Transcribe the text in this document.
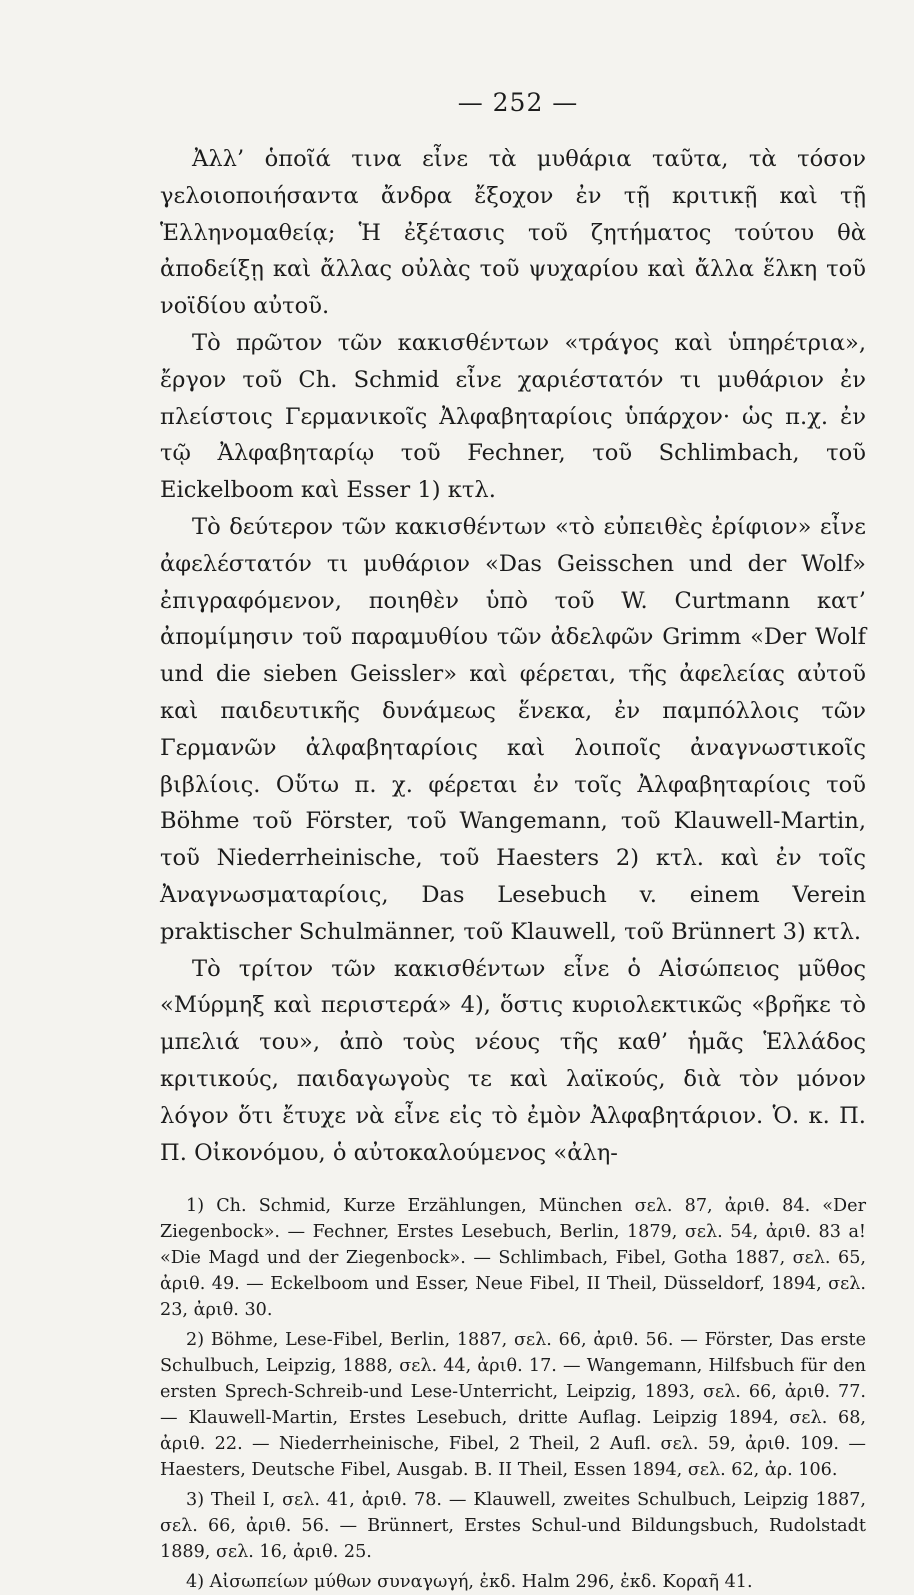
— 252 —

Ἀλλ’ ὁποῖά τινα εἶνε τὰ μυθάρια ταῦτα, τὰ τόσον γελοιοποιήσαντα ἄνδρα ἔξοχον ἐν τῇ κριτικῇ καὶ τῇ Ἑλληνομαθείᾳ; Ἡ ἐξέτασις τοῦ ζητήματος τούτου θὰ ἀποδείξῃ καὶ ἄλλας οὐλὰς τοῦ ψυχαρίου καὶ ἄλλα ἕλκη τοῦ νοϊδίου αὐτοῦ.

Τὸ πρῶτον τῶν κακισθέντων «τράγος καὶ ὑπηρέτρια», ἔργον τοῦ Ch. Schmid εἶνε χαριέστατόν τι μυθάριον ἐν πλείστοις Γερμανικοῖς Ἀλφαβηταρίοις ὑπάρχον· ὡς π.χ. ἐν τῷ Ἀλφαβηταρίῳ τοῦ Fechner, τοῦ Schlimbach, τοῦ Eickelboom καὶ Esser 1) κτλ.

Τὸ δεύτερον τῶν κακισθέντων «τὸ εὐπειθὲς ἐρίφιον» εἶνε ἀφελέστατόν τι μυθάριον «Das Geisschen und der Wolf» ἐπιγραφόμενον, ποιηθὲν ὑπὸ τοῦ W. Curtmann κατ’ ἀπομίμησιν τοῦ παραμυθίου τῶν ἀδελφῶν Grimm «Der Wolf und die sieben Geissler» καὶ φέρεται, τῆς ἀφελείας αὐτοῦ καὶ παιδευτικῆς δυνάμεως ἕνεκα, ἐν παμπόλλοις τῶν Γερμανῶν ἀλφαβηταρίοις καὶ λοιποῖς ἀναγνωστικοῖς βιβλίοις. Οὕτω π. χ. φέρεται ἐν τοῖς Ἀλφαβηταρίοις τοῦ Böhme τοῦ Förster, τοῦ Wangemann, τοῦ Klauwell-Martin, τοῦ Niederrheinische, τοῦ Haesters 2) κτλ. καὶ ἐν τοῖς Ἀναγνωσματαρίοις, Das Lesebuch v. einem Verein praktischer Schulmänner, τοῦ Klauwell, τοῦ Brünnert 3) κτλ.

Τὸ τρίτον τῶν κακισθέντων εἶνε ὁ Αἰσώπειος μῦθος «Μύρμηξ καὶ περιστερά» 4), ὅστις κυριολεκτικῶς «βρῆκε τὸ μπελιά του», ἀπὸ τοὺς νέους τῆς καθ’ ἡμᾶς Ἑλλάδος κριτικούς, παιδαγωγοὺς τε καὶ λαϊκούς, διὰ τὸν μόνον λόγον ὅτι ἔτυχε νὰ εἶνε εἰς τὸ ἐμὸν Ἀλφαβητάριον. Ὁ. κ. Π. Π. Οἰκονόμου, ὁ αὐτοκαλούμενος «ἀλη-

1) Ch. Schmid, Kurze Erzählungen, München σελ. 87, ἀριθ. 84. «Der Ziegenbock». — Fechner, Erstes Lesebuch, Berlin, 1879, σελ. 54, ἀριθ. 83 a! «Die Magd und der Ziegenbock». — Schlimbach, Fibel, Gotha 1887, σελ. 65, ἀριθ. 49. — Eckelboom und Esser, Neue Fibel, II Theil, Düsseldorf, 1894, σελ. 23, ἀριθ. 30.

2) Böhme, Lese-Fibel, Berlin, 1887, σελ. 66, ἀριθ. 56. — Förster, Das erste Schulbuch, Leipzig, 1888, σελ. 44, ἀριθ. 17. — Wangemann, Hilfsbuch für den ersten Sprech-Schreib-und Lese-Unterricht, Leipzig, 1893, σελ. 66, ἀριθ. 77. — Klauwell-Martin, Erstes Lesebuch, dritte Auflag. Leipzig 1894, σελ. 68, ἀριθ. 22. — Niederrheinische, Fibel, 2 Theil, 2 Aufl. σελ. 59, ἀριθ. 109. — Haesters, Deutsche Fibel, Ausgab. B. II Theil, Essen 1894, σελ. 62, ἀρ. 106.

3) Theil I, σελ. 41, ἀριθ. 78. — Klauwell, zweites Schulbuch, Leipzig 1887, σελ. 66, ἀριθ. 56. — Brünnert, Erstes Schul-und Bildungsbuch, Rudolstadt 1889, σελ. 16, ἀριθ. 25.

4) Αἰσωπείων μύθων συναγωγή, ἐκδ. Halm 296, ἐκδ. Κοραῆ 41.
